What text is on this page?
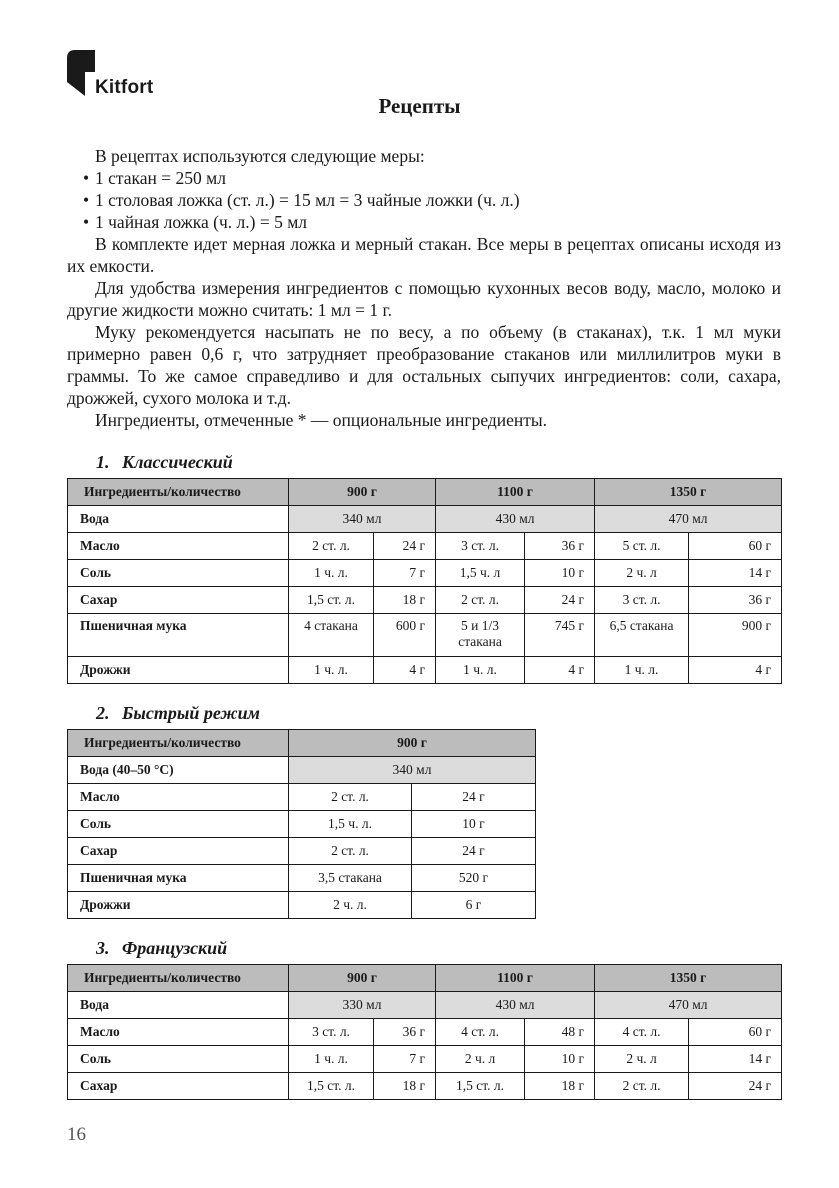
Kitfort
Рецепты

В рецептах используются следующие меры:

• 1 стакан = 250 мл
• 1 столовая ложка (ст. л.) = 15 мл = 3 чайные ложки (ч. л.)
• 1 чайная ложка (ч. л.) = 5 мл

В комплекте идет мерная ложка и мерный стакан. Все меры в рецептах описаны исходя из их емкости.

Для удобства измерения ингредиентов с помощью кухонных весов воду, масло, молоко и другие жидкости можно считать: 1 мл = 1 г.

Муку рекомендуется насыпать не по весу, а по объему (в стаканах), т.к. 1 мл муки примерно равен 0,6 г, что затрудняет преобразование стаканов или миллилитров муки в граммы. То же самое справедливо и для остальных сыпучих ингредиентов: соли, сахара, дрожжей, сухого молока и т.д.

Ингредиенты, отмеченные * — опциональные ингредиенты.

1. Классический
Ингредиенты/количество	900 г		1100 г		1350 г	
Вода	340 мл		430 мл		470 мл	
Масло	2 ст. л.	24 г	3 ст. л.	36 г	5 ст. л.	60 г
Соль	1 ч. л.	7 г	1,5 ч. л	10 г	2 ч. л	14 г
Сахар	1,5 ст. л.	18 г	2 ст. л.	24 г	3 ст. л.	36 г
Пшеничная мука	4 стакана	600 г	5 и 1/3 стакана	745 г	6,5 стакана	900 г
Дрожжи	1 ч. л.	4 г	1 ч. л.	4 г	1 ч. л.	4 г
2. Быстрый режим
Ингредиенты/количество	900 г	
Вода (40–50 °C)	340 мл	
Масло	2 ст. л.	24 г
Соль	1,5 ч. л.	10 г
Сахар	2 ст. л.	24 г
Пшеничная мука	3,5 стакана	520 г
Дрожжи	2 ч. л.	6 г
3. Французский
Ингредиенты/количество	900 г		1100 г		1350 г	
Вода	330 мл		430 мл		470 мл	
Масло	3 ст. л.	36 г	4 ст. л.	48 г	4 ст. л.	60 г
Соль	1 ч. л.	7 г	2 ч. л	10 г	2 ч. л	14 г
Сахар	1,5 ст. л.	18 г	1,5 ст. л.	18 г	2 ст. л.	24 г
16
